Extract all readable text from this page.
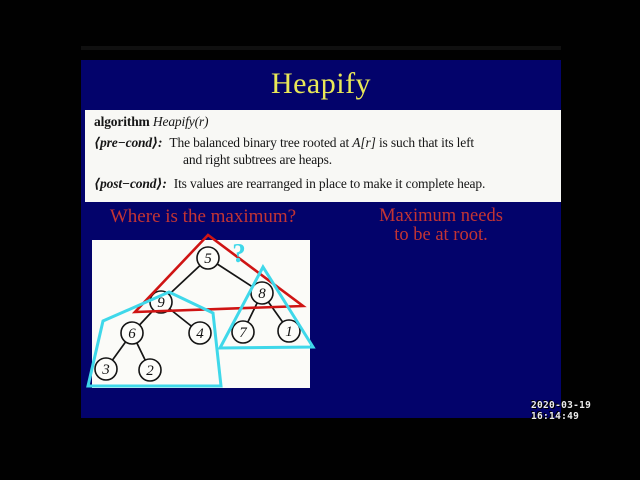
Heapify
algorithm Heapify(r)
⟨pre−cond⟩: The balanced binary tree rooted at A[r] is such that its left
and right subtrees are heaps.
⟨post−cond⟩: Its values are rearranged in place to make it complete heap.
Where is the maximum?	Maximum needs
to be at root.
5
9
8
6	4 7	1
3 2
?
2020-03-19 16:14:49
